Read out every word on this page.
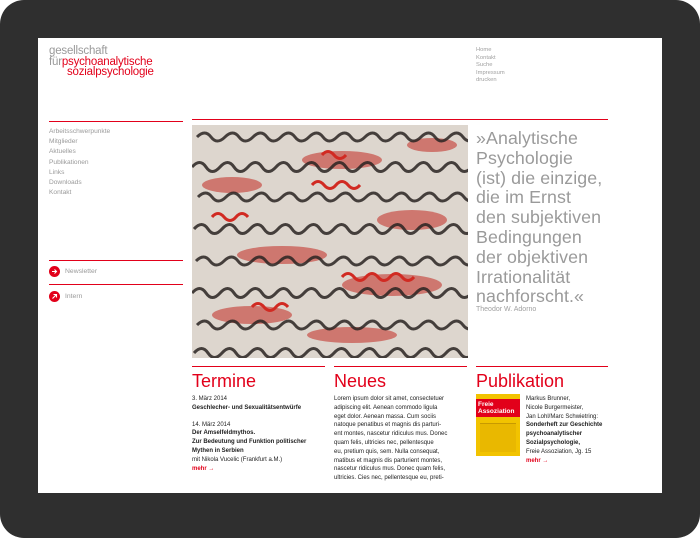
gesellschaft
fürpsychoanalytische
sozialpsychologie
Home
Kontakt
Suche
Impressum
drucken
Arbeitsschwerpunkte
Mitglieder
Aktuelles
Publikationen
Links
Downloads
Kontakt
Newsletter
Intern
»Analytische
Psychologie
(ist) die einzige,
die im Ernst
den subjektiven
Bedingungen
der objektiven
Irrationalität
nachforscht.«
Theodor W. Adorno
Termine	Neues	Publikation
3. März 2014
Geschlecher- und Sexualitätsentwürfe
14. März 2014
Der Amselfeldmythos.
Zur Bedeutung und Funktion politischer
Mythen in Serbien
mit Nikola Vucelic (Frankfurt a.M.)
mehr →
Lorem ipsum dolor sit amet, consectetuer
adipiscing elit. Aenean commodo ligula
eget dolor. Aenean massa. Cum sociis
natoque penatibus et magnis dis parturi-
ent montes, nascetur ridiculus mus. Donec
quam felis, ultricies nec, pellentesque
eu, pretium quis, sem. Nulla consequat,
matibus et magnis dis parturient montes,
nascetur ridiculus mus. Donec quam felis,
ultricies. Cies nec, pellentesque eu, preti-
Freie
Assoziation
Markus Brunner,
Nicole Burgermeister,
Jan Lohl/Marc Schwietring:
Sonderheft zur Geschichte
psychoanalytischer
Sozialpsychologie,
Freie Assoziation, Jg. 15
mehr →
